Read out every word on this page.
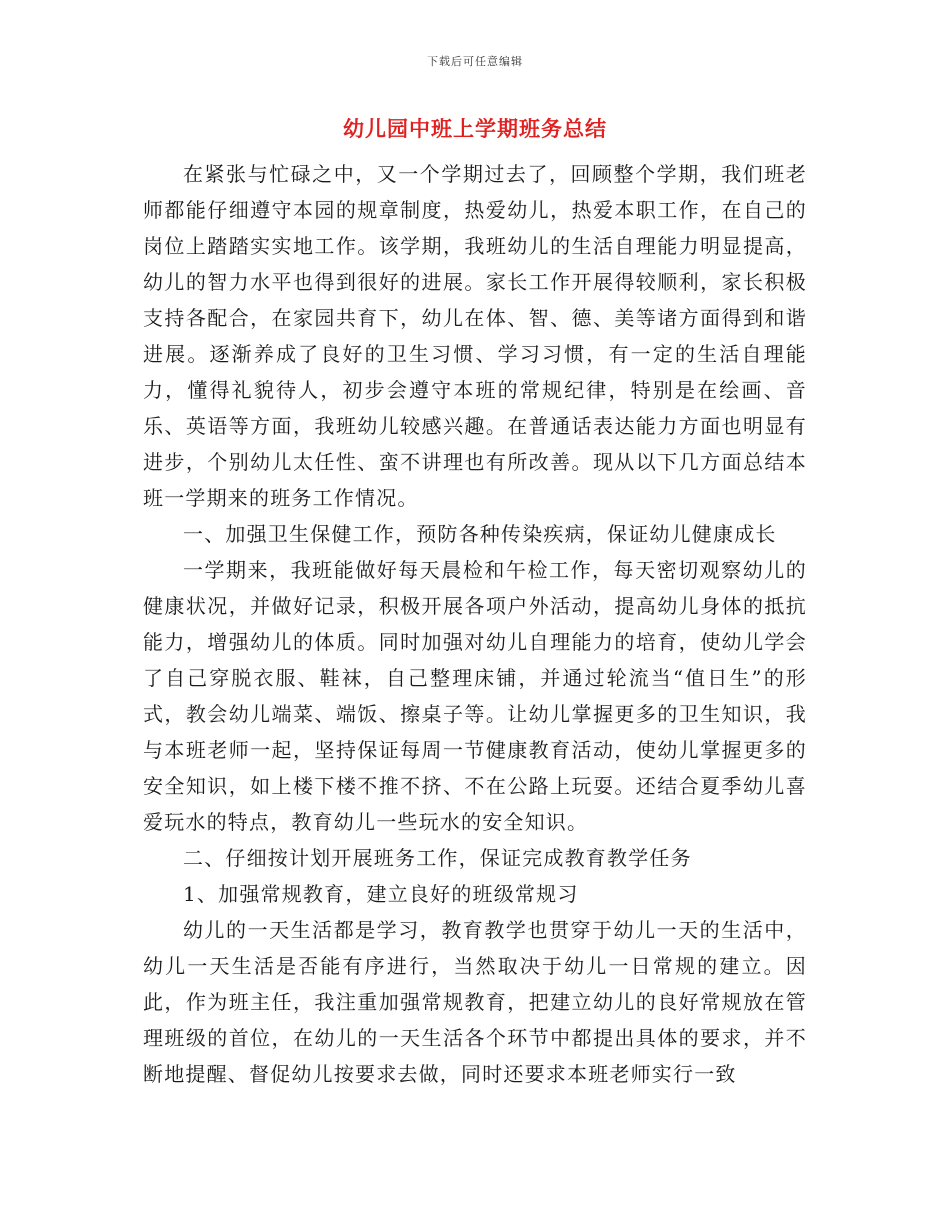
下载后可任意编辑
幼儿园中班上学期班务总结

在紧张与忙碌之中，又一个学期过去了，回顾整个学期，我们班老师都能仔细遵守本园的规章制度，热爱幼儿，热爱本职工作，在自己的岗位上踏踏实实地工作。该学期，我班幼儿的生活自理能力明显提高，幼儿的智力水平也得到很好的进展。家长工作开展得较顺利，家长积极支持各配合，在家园共育下，幼儿在体、智、德、美等诸方面得到和谐进展。逐渐养成了良好的卫生习惯、学习习惯，有一定的生活自理能力，懂得礼貌待人，初步会遵守本班的常规纪律，特别是在绘画、音乐、英语等方面，我班幼儿较感兴趣。在普通话表达能力方面也明显有进步，个别幼儿太任性、蛮不讲理也有所改善。现从以下几方面总结本班一学期来的班务工作情况。

一、加强卫生保健工作，预防各种传染疾病，保证幼儿健康成长

一学期来，我班能做好每天晨检和午检工作，每天密切观察幼儿的健康状况，并做好记录，积极开展各项户外活动，提高幼儿身体的抵抗能力，增强幼儿的体质。同时加强对幼儿自理能力的培育，使幼儿学会了自己穿脱衣服、鞋袜，自己整理床铺，并通过轮流当“值日生”的形式，教会幼儿端菜、端饭、擦桌子等。让幼儿掌握更多的卫生知识，我与本班老师一起，坚持保证每周一节健康教育活动，使幼儿掌握更多的安全知识，如上楼下楼不推不挤、不在公路上玩耍。还结合夏季幼儿喜爱玩水的特点，教育幼儿一些玩水的安全知识。

二、仔细按计划开展班务工作，保证完成教育教学任务

1、加强常规教育，建立良好的班级常规习

幼儿的一天生活都是学习，教育教学也贯穿于幼儿一天的生活中，幼儿一天生活是否能有序进行，当然取决于幼儿一日常规的建立。因此，作为班主任，我注重加强常规教育，把建立幼儿的良好常规放在管理班级的首位，在幼儿的一天生活各个环节中都提出具体的要求，并不断地提醒、督促幼儿按要求去做，同时还要求本班老师实行一致
